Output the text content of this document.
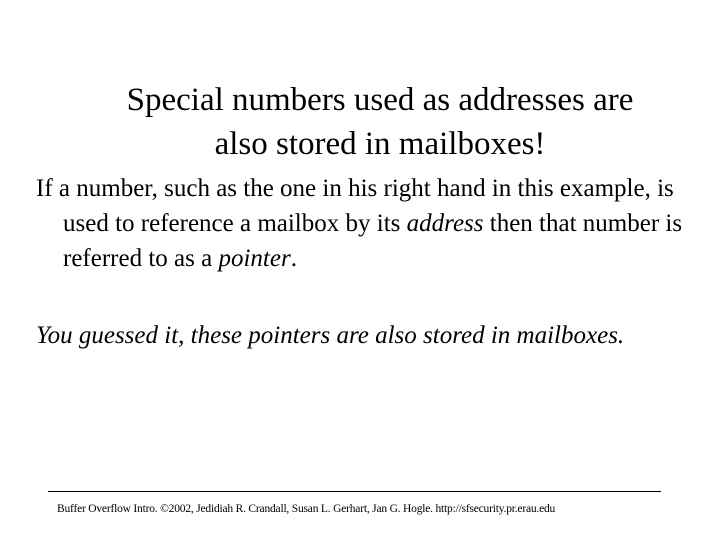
Special numbers used as addresses are
also stored in mailboxes!
If a number, such as the one in his right hand in this example, is used to reference a mailbox by its address then that number is referred to as a pointer.
You guessed it, these pointers are also stored in mailboxes.
Buffer Overflow Intro. ©2002, Jedidiah R. Crandall, Susan L. Gerhart, Jan G. Hogle. http://sfsecurity.pr.erau.edu
